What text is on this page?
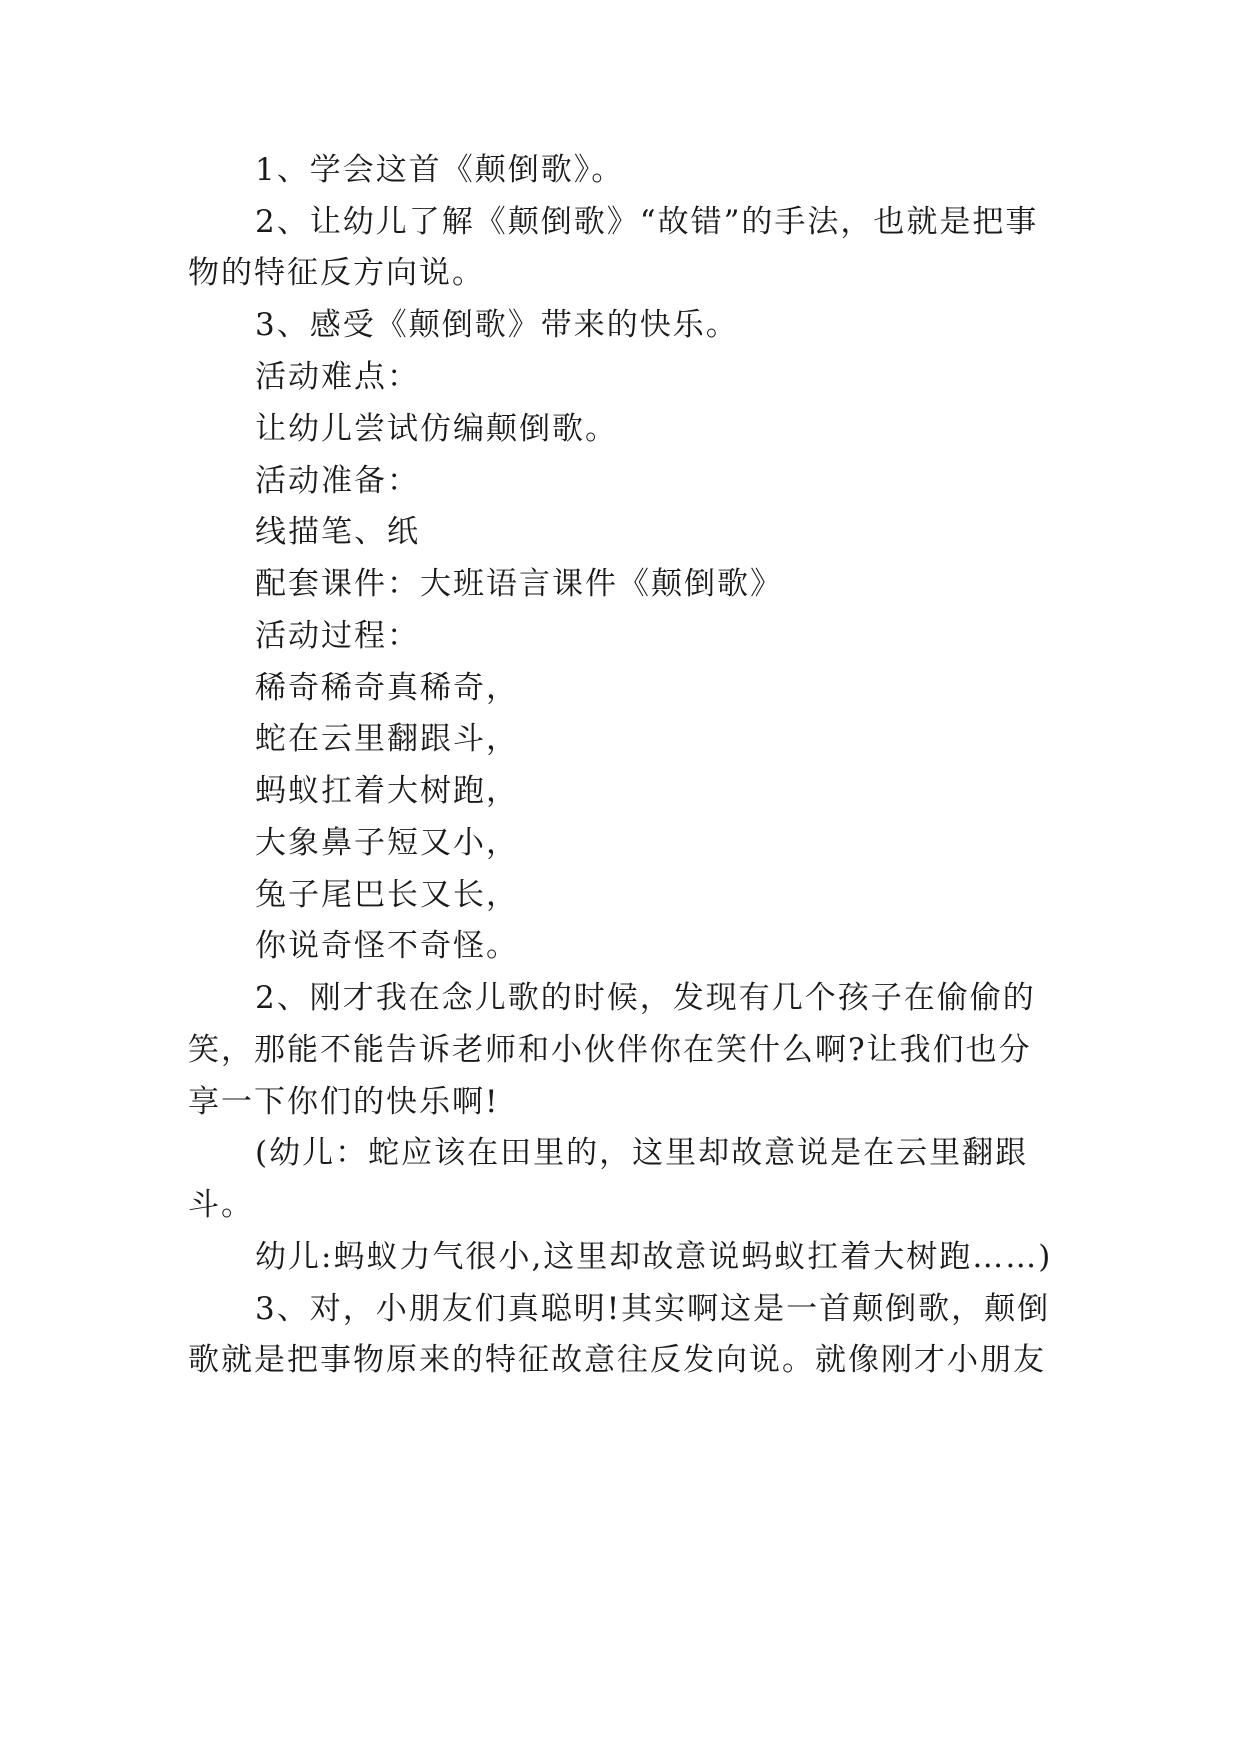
1、学会这首《颠倒歌》。
2、让幼儿了解《颠倒歌》“故错”的手法，也就是把事
物的特征反方向说。
3、感受《颠倒歌》带来的快乐。
活动难点：
让幼儿尝试仿编颠倒歌。
活动准备：
线描笔、纸
配套课件：大班语言课件《颠倒歌》
活动过程：
稀奇稀奇真稀奇，
蛇在云里翻跟斗，
蚂蚁扛着大树跑，
大象鼻子短又小，
兔子尾巴长又长，
你说奇怪不奇怪。
2、刚才我在念儿歌的时候，发现有几个孩子在偷偷的
笑，那能不能告诉老师和小伙伴你在笑什么啊?让我们也分
享一下你们的快乐啊!
(幼儿：蛇应该在田里的，这里却故意说是在云里翻跟
斗。
幼儿:蚂蚁力气很小,这里却故意说蚂蚁扛着大树跑……)
3、对，小朋友们真聪明!其实啊这是一首颠倒歌，颠倒
歌就是把事物原来的特征故意往反发向说。就像刚才小朋友
